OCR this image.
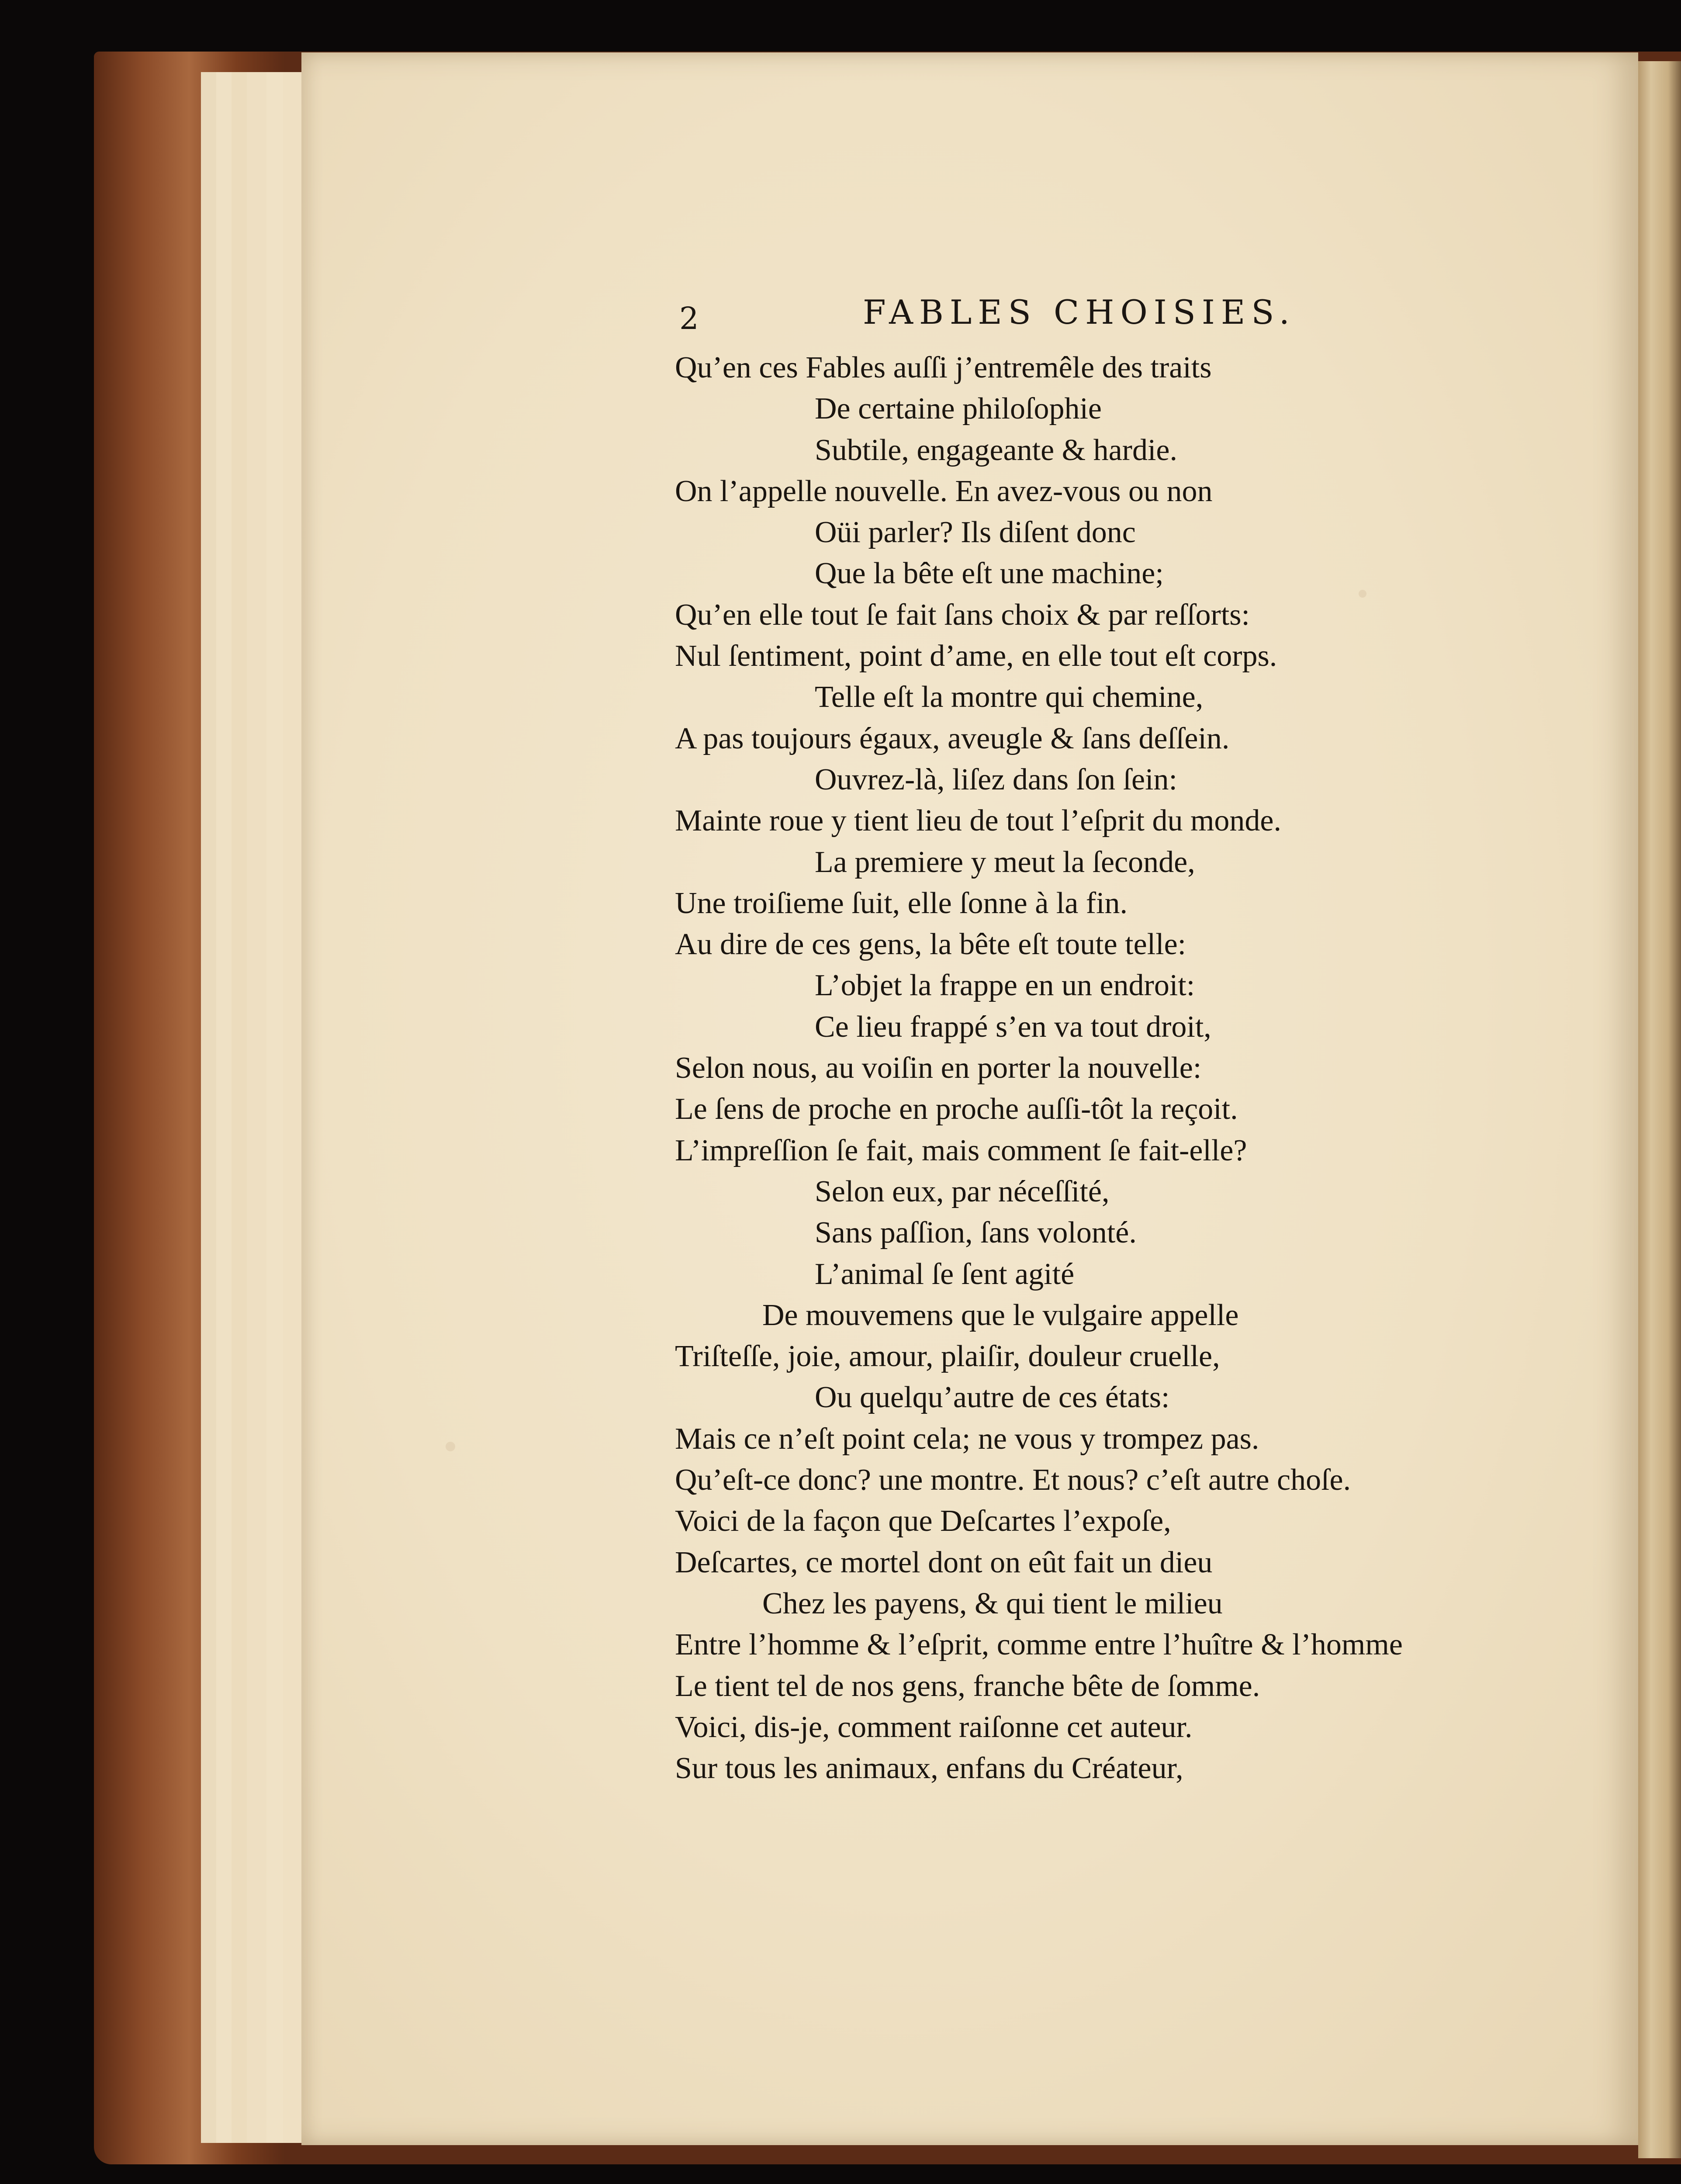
2	FABLES CHOISIES.
Qu’en ces Fables auſſi j’entremêle des traits
De certaine philoſophie
Subtile, engageante & hardie.
On l’appelle nouvelle. En avez-vous ou non
Oüi parler? Ils diſent donc
Que la bête eſt une machine;
Qu’en elle tout ſe fait ſans choix & par reſſorts:
Nul ſentiment, point d’ame, en elle tout eſt corps.
Telle eſt la montre qui chemine,
A pas toujours égaux, aveugle & ſans deſſein.
Ouvrez-là, liſez dans ſon ſein:
Mainte roue y tient lieu de tout l’eſprit du monde.
La premiere y meut la ſeconde,
Une troiſieme ſuit, elle ſonne à la fin.
Au dire de ces gens, la bête eſt toute telle:
L’objet la frappe en un endroit:
Ce lieu frappé s’en va tout droit,
Selon nous, au voiſin en porter la nouvelle:
Le ſens de proche en proche auſſi-tôt la reçoit.
L’impreſſion ſe fait, mais comment ſe fait-elle?
Selon eux, par néceſſité,
Sans paſſion, ſans volonté.
L’animal ſe ſent agité
De mouvemens que le vulgaire appelle
Triſteſſe, joie, amour, plaiſir, douleur cruelle,
Ou quelqu’autre de ces états:
Mais ce n’eſt point cela; ne vous y trompez pas.
Qu’eſt-ce donc? une montre. Et nous? c’eſt autre choſe.
Voici de la façon que Deſcartes l’expoſe,
Deſcartes, ce mortel dont on eût fait un dieu
Chez les payens, & qui tient le milieu
Entre l’homme & l’eſprit, comme entre l’huître & l’homme
Le tient tel de nos gens, franche bête de ſomme.
Voici, dis-je, comment raiſonne cet auteur.
Sur tous les animaux, enfans du Créateur,
